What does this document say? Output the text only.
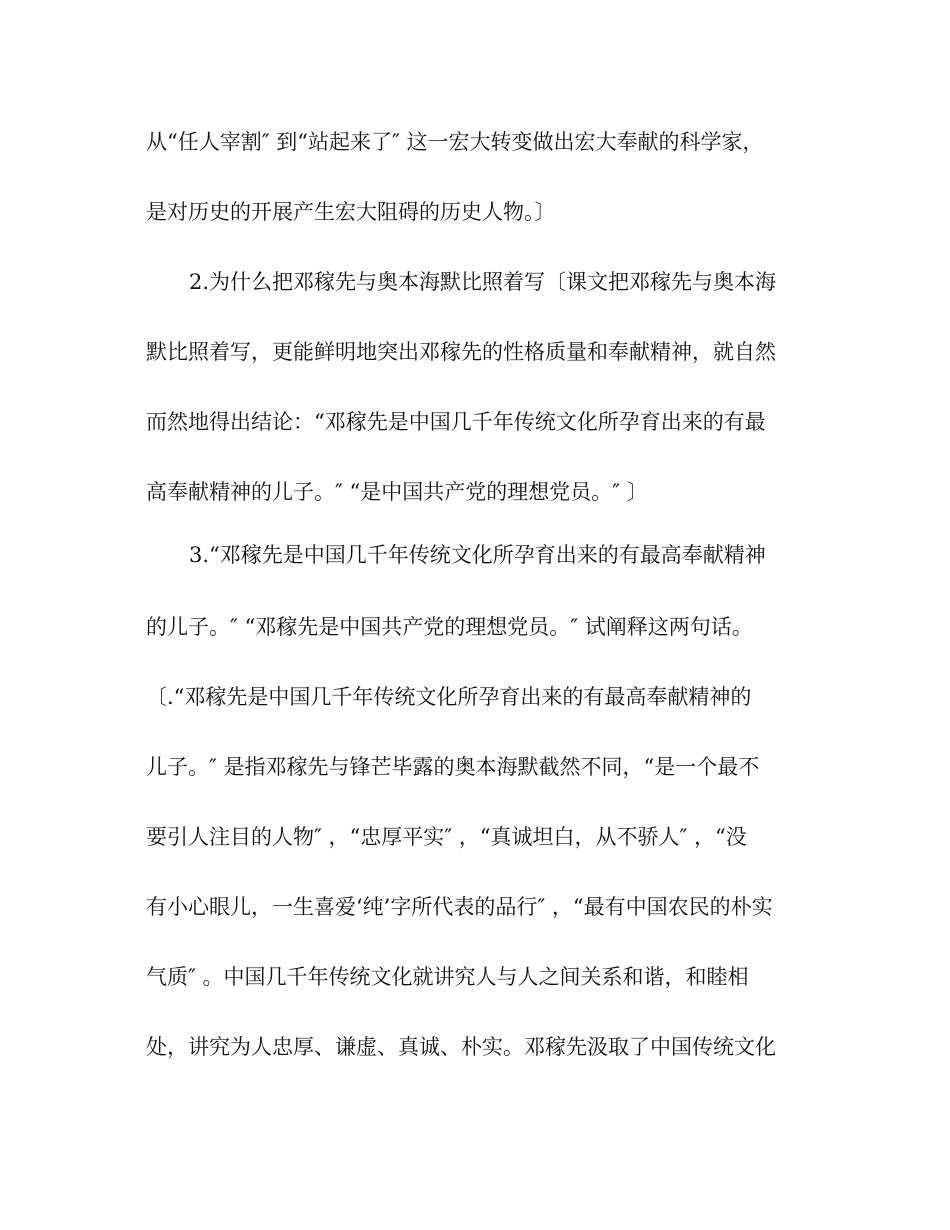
从“任人宰割″ 到“站起来了″ 这一宏大转变做出宏大奉献的科学家，
是对历史的开展产生宏大阻碍的历史人物。〕
2.为什么把邓稼先与奥本海默比照着写〔课文把邓稼先与奥本海
默比照着写，更能鲜明地突出邓稼先的性格质量和奉献精神，就自然
而然地得出结论：“邓稼先是中国几千年传统文化所孕育出来的有最
高奉献精神的儿子。″ “是中国共产党的理想党员。″ 〕
3.“邓稼先是中国几千年传统文化所孕育出来的有最高奉献精神
的儿子。″ “邓稼先是中国共产党的理想党员。″ 试阐释这两句话。
〔.“邓稼先是中国几千年传统文化所孕育出来的有最高奉献精神的
儿子。″ 是指邓稼先与锋芒毕露的奥本海默截然不同，“是一个最不
要引人注目的人物″ ，“忠厚平实″ ，“真诚坦白，从不骄人″ ，“没
有小心眼儿，一生喜爱‘纯’字所代表的品行″ ，“最有中国农民的朴实
气质″ 。中国几千年传统文化就讲究人与人之间关系和谐，和睦相
处，讲究为人忠厚、谦虚、真诚、朴实。邓稼先汲取了中国传统文化
